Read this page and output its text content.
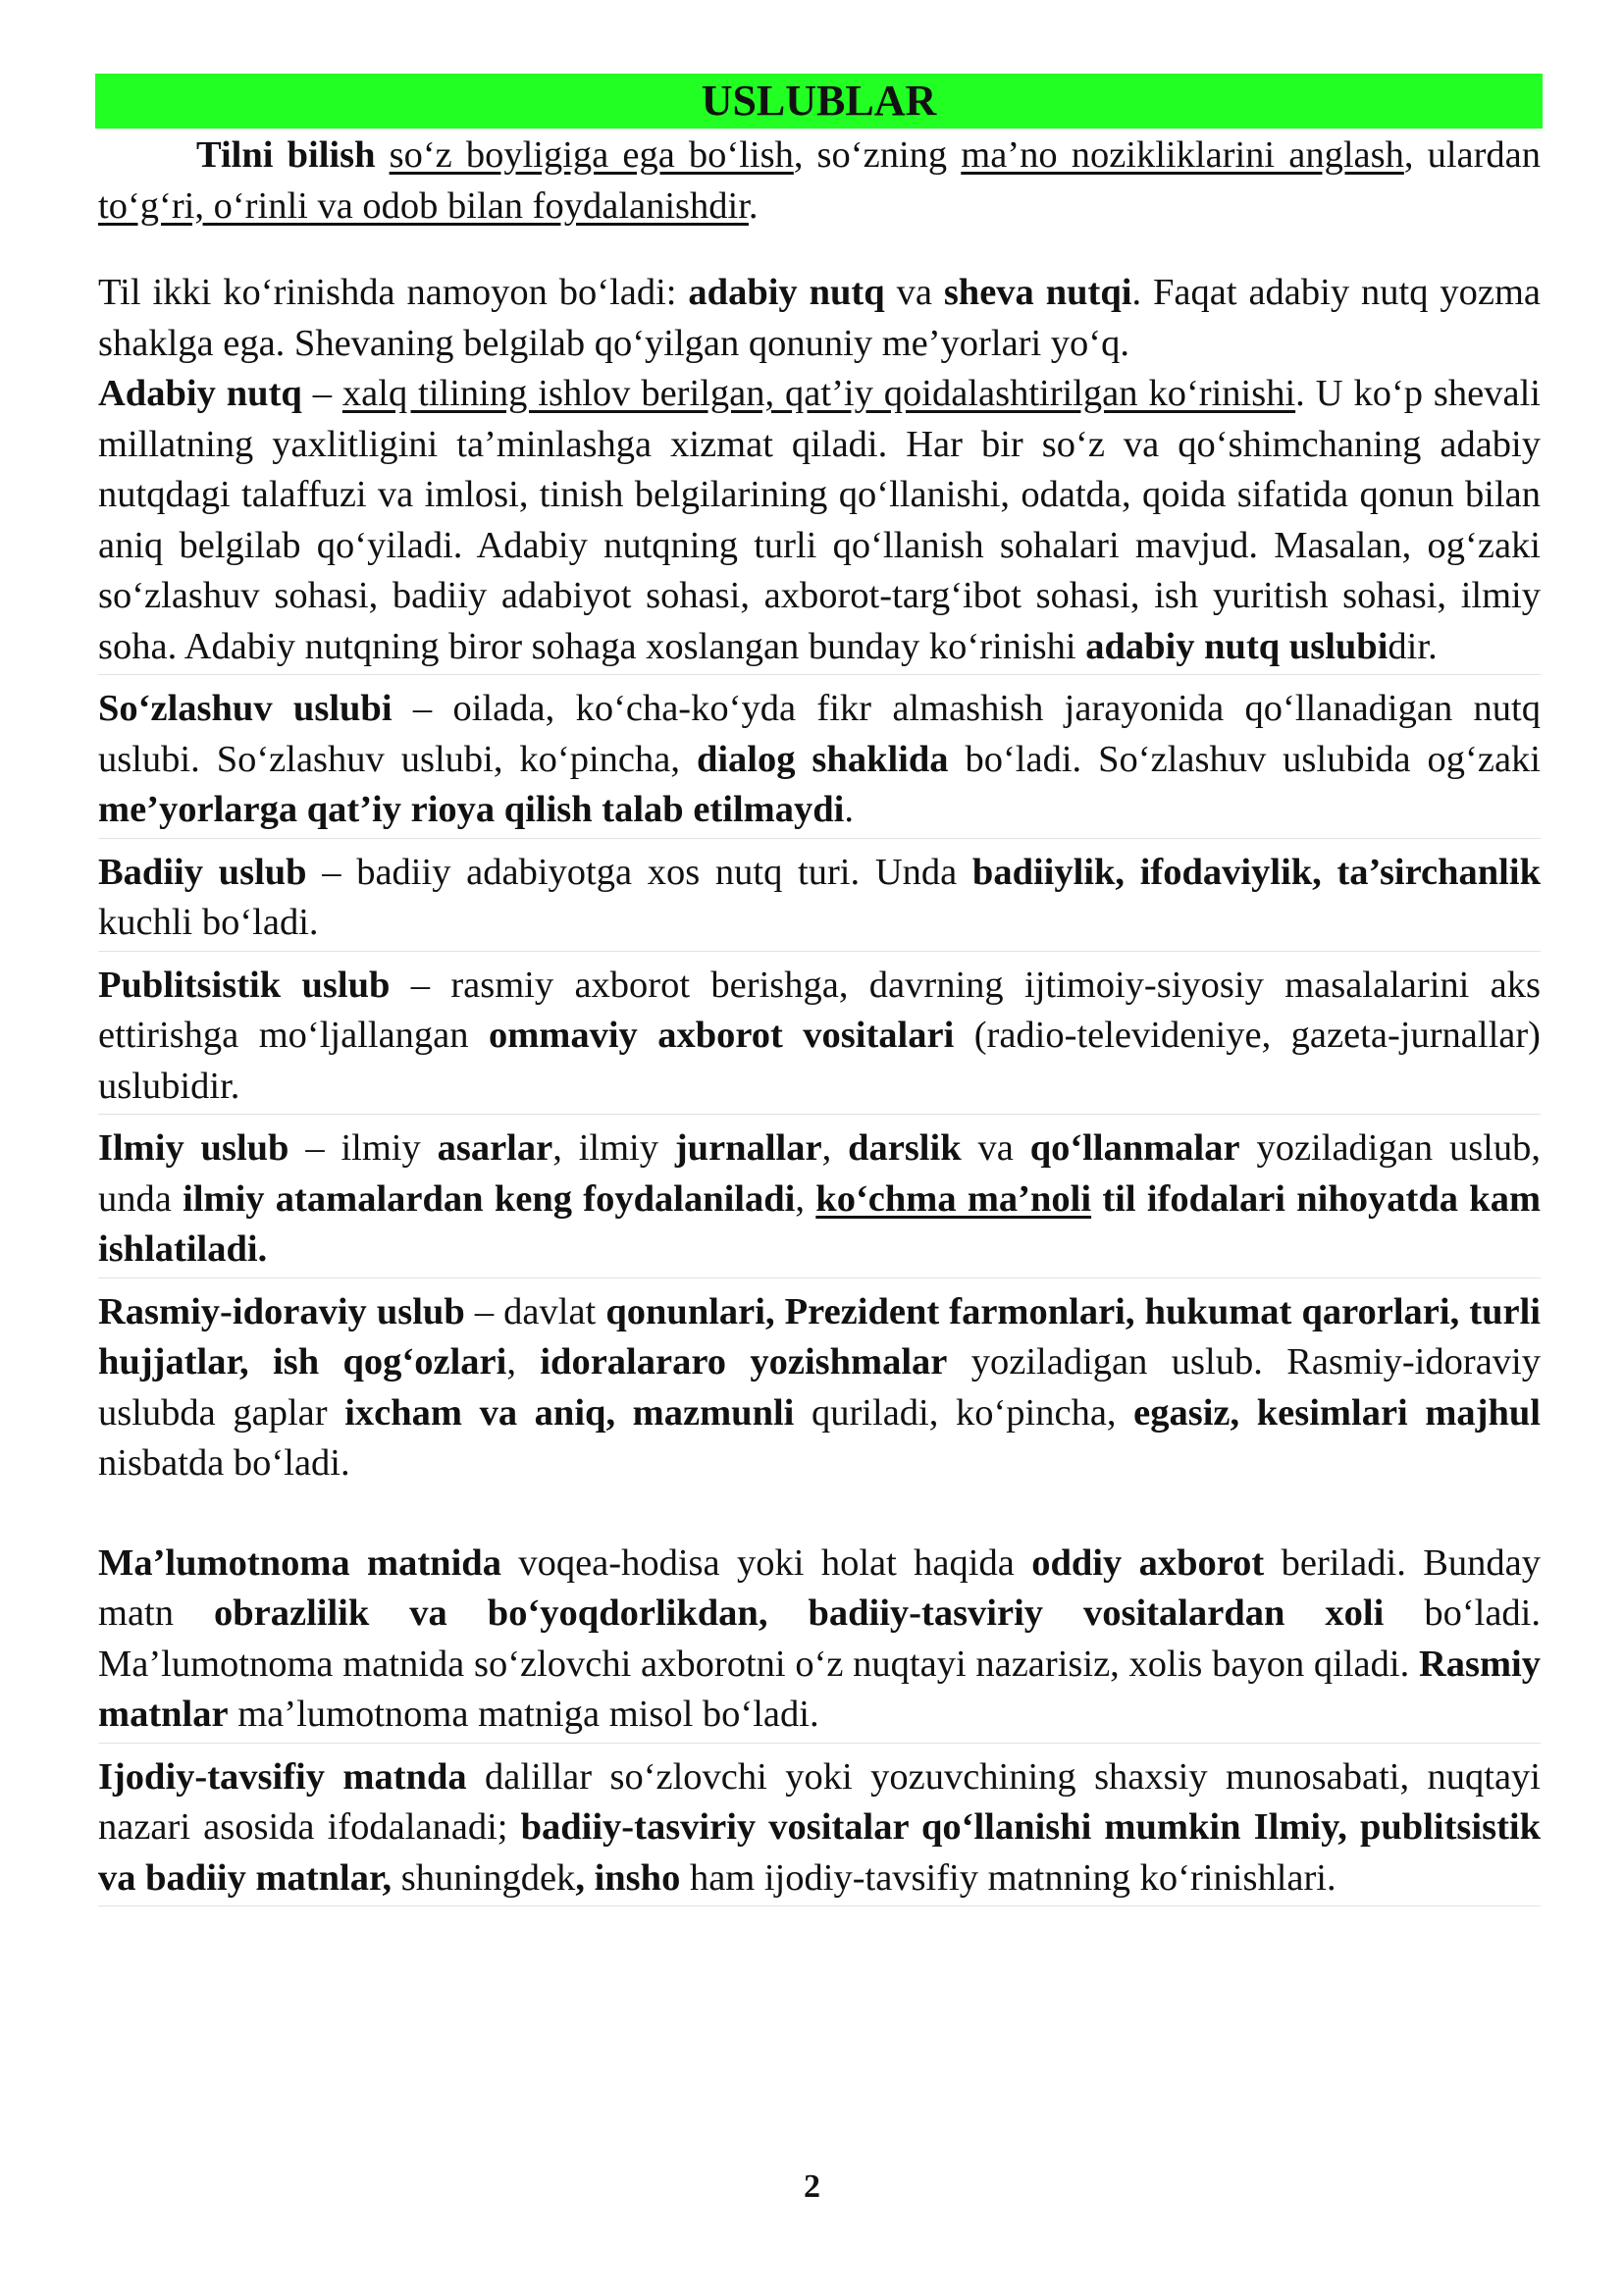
USLUBLAR

Tilni bilish so‘z boyligiga ega bo‘lish, so‘zning ma’no nozikliklarini anglash, ulardan to‘g‘ri, o‘rinli va odob bilan foydalanishdir.

Til ikki ko‘rinishda namoyon bo‘ladi: adabiy nutq va sheva nutqi. Faqat adabiy nutq yozma shaklga ega. Shevaning belgilab qo‘yilgan qonuniy me’yorlari yo‘q.
Adabiy nutq – xalq tilining ishlov berilgan, qat’iy qoidalashtirilgan ko‘rinishi. U ko‘p shevali millatning yaxlitligini ta’minlashga xizmat qiladi. Har bir so‘z va qo‘shimchaning adabiy nutqdagi talaffuzi va imlosi, tinish belgilarining qo‘llanishi, odatda, qoida sifatida qonun bilan aniq belgilab qo‘yiladi. Adabiy nutqning turli qo‘llanish sohalari mavjud. Masalan, og‘zaki so‘zlashuv sohasi, badiiy adabiyot sohasi, axborot-targ‘ibot sohasi, ish yuritish sohasi, ilmiy soha. Adabiy nutqning biror sohaga xoslangan bunday ko‘rinishi adabiy nutq uslubidir.

So‘zlashuv uslubi – oilada, ko‘cha-ko‘yda fikr almashish jarayonida qo‘llanadigan nutq uslubi. So‘zlashuv uslubi, ko‘pincha, dialog shaklida bo‘ladi. So‘zlashuv uslubida og‘zaki me’yorlarga qat’iy rioya qilish talab etilmaydi.

Badiiy uslub – badiiy adabiyotga xos nutq turi. Unda badiiylik, ifodaviylik, ta’sirchanlik kuchli bo‘ladi.

Publitsistik uslub – rasmiy axborot berishga, davrning ijtimoiy-siyosiy masalalarini aks ettirishga mo‘ljallangan ommaviy axborot vositalari (radio-televideniye, gazeta-jurnallar) uslubidir.

Ilmiy uslub – ilmiy asarlar, ilmiy jurnallar, darslik va qo‘llanmalar yoziladigan uslub, unda ilmiy atamalardan keng foydalaniladi, ko‘chma ma’noli til ifodalari nihoyatda kam ishlatiladi.

Rasmiy-idoraviy uslub – davlat qonunlari, Prezident farmonlari, hukumat qarorlari, turli hujjatlar, ish qog‘ozlari, idoralararo yozishmalar yoziladigan uslub. Rasmiy-idoraviy uslubda gaplar ixcham va aniq, mazmunli quriladi, ko‘pincha, egasiz, kesimlari majhul nisbatda bo‘ladi.

Ma’lumotnoma matnida voqea-hodisa yoki holat haqida oddiy axborot beriladi. Bunday matn obrazlilik va bo‘yoqdorlikdan, badiiy-tasviriy vositalardan xoli bo‘ladi. Ma’lumotnoma matnida so‘zlovchi axborotni o‘z nuqtayi nazarisiz, xolis bayon qiladi. Rasmiy matnlar ma’lumotnoma matniga misol bo‘ladi.

Ijodiy-tavsifiy matnda dalillar so‘zlovchi yoki yozuvchining shaxsiy munosabati, nuqtayi nazari asosida ifodalanadi; badiiy-tasviriy vositalar qo‘llanishi mumkin Ilmiy, publitsistik va badiiy matnlar, shuningdek, insho ham ijodiy-tavsifiy matnning ko‘rinishlari.

2
